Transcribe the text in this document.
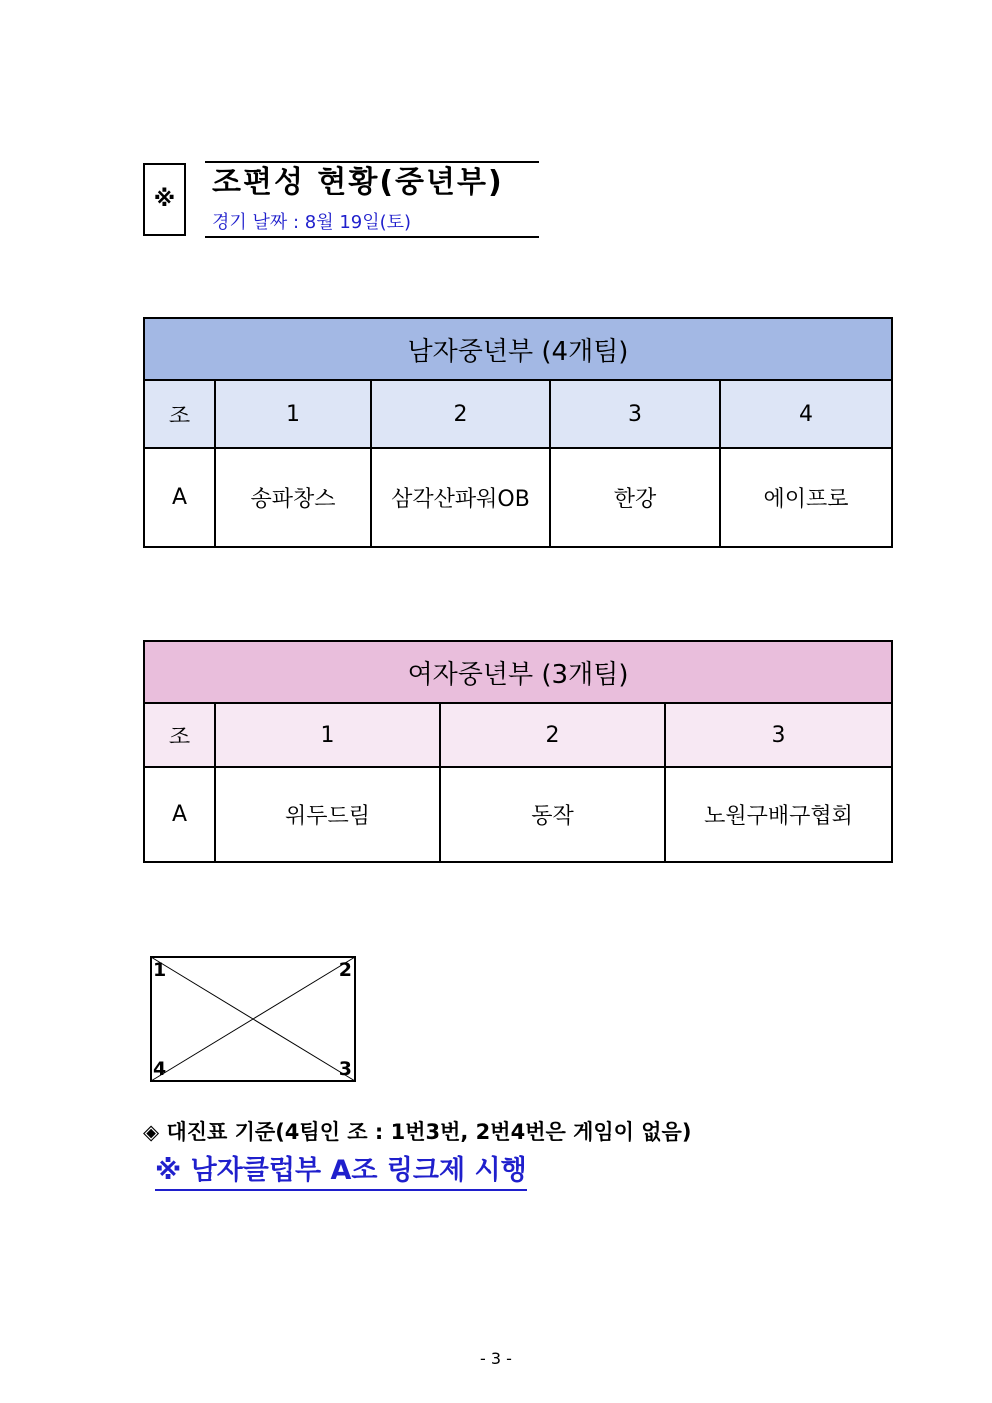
※ 조편성 현황(중년부)
경기 날짜 : 8월 19일(토)
남자중년부 (4개팀)				
조	1	2	3	4
A	송파창스	삼각산파워OB	한강	에이프로
여자중년부 (3개팀)			
조	1	2	3
A	위두드림	동작	노원구배구협회
1	2
3
4
◈ 대진표 기준(4팀인 조 : 1번3번, 2번4번은 게임이 없음)
※ 남자클럽부 A조 링크제 시행
- 3 -
